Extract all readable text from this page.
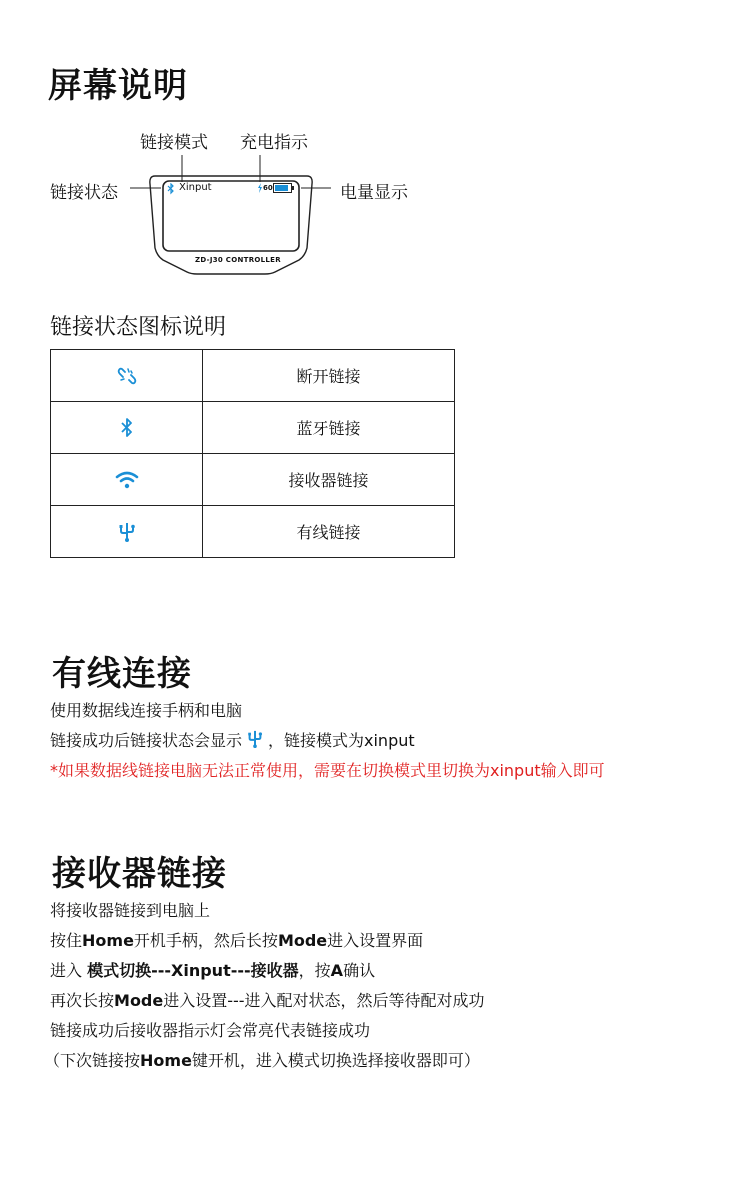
屏幕说明
链接模式 充电指示
链接状态	电量显示
Xinput	60
ZD-J30 CONTROLLER
链接状态图标说明
	断开链接

	蓝牙链接

	接收器链接

	有线链接
有线连接
使用数据线连接手柄和电脑
链接成功后链接状态会显示 ，链接模式为xinput
*如果数据线链接电脑无法正常使用，需要在切换模式里切换为xinput输入即可
接收器链接
将接收器链接到电脑上
按住Home开机手柄，然后长按Mode进入设置界面
进入 模式切换---Xinput---接收器，按A确认
再次长按Mode进入设置---进入配对状态，然后等待配对成功
链接成功后接收器指示灯会常亮代表链接成功
（下次链接按Home键开机，进入模式切换选择接收器即可）
